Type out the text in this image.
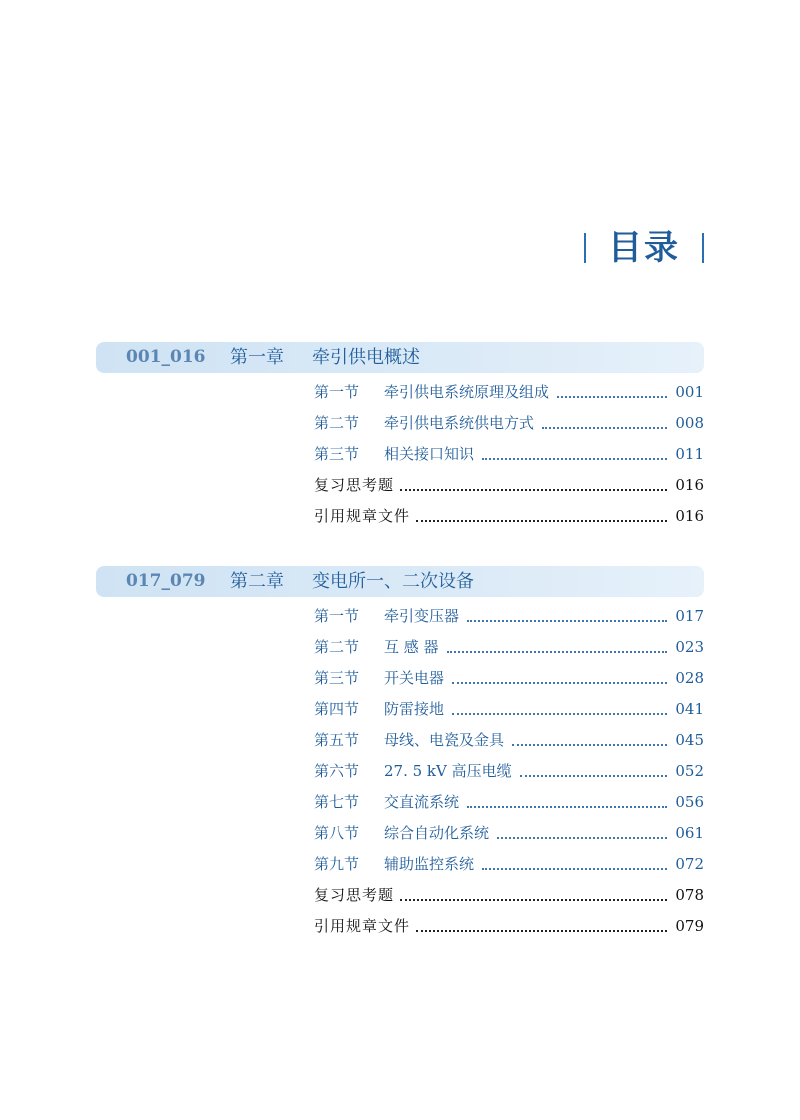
目录
001_016 第一章 牵引供电概述
第一节 牵引供电系统原理及组成	001
第二节 牵引供电系统供电方式	008
第三节 相关接口知识	011
复习思考题	016
引用规章文件	016
017_079 第二章 变电所一、二次设备
第一节 牵引变压器	017
第二节 互 感 器	023
第三节 开关电器	028
第四节 防雷接地	041
第五节 母线、电瓷及金具	045
第六节 27. 5 kV 高压电缆	052
第七节 交直流系统	056
第八节 综合自动化系统	061
第九节 辅助监控系统	072
复习思考题	078
引用规章文件	079
